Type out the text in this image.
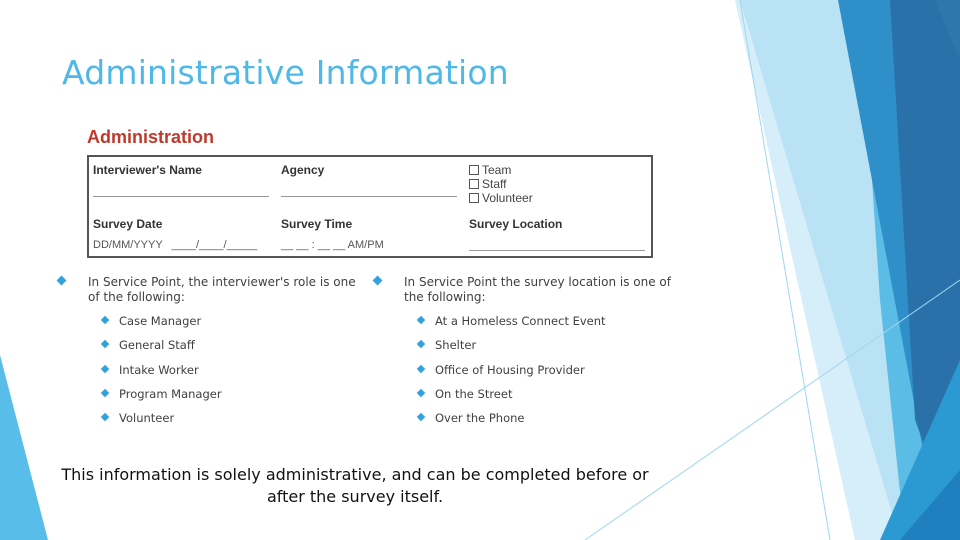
Administrative Information
Administration
Interviewer's Name	Agency	Team
Staff
Volunteer
Survey Date
DD/MM/YYYY ____/____/_____
Survey Time
__ __ : __ __ AM/PM
Survey Location
In Service Point, the interviewer's role is one of the following:
Case Manager
General Staff
Intake Worker
Program Manager
Volunteer
In Service Point the survey location is one of the following:
At a Homeless Connect Event
Shelter
Office of Housing Provider
On the Street
Over the Phone
This information is solely administrative, and can be completed before or after the survey itself.
